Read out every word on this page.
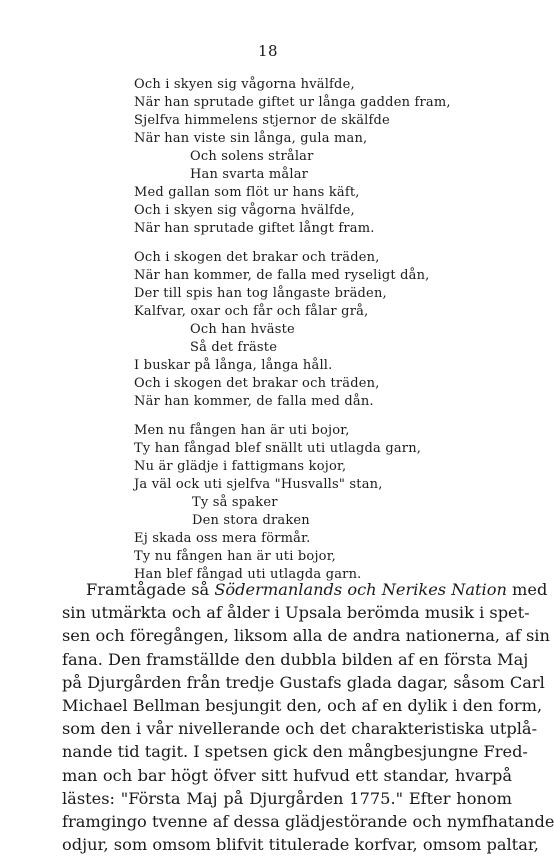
18
Och i skyen sig vågorna hvälfde,
När han sprutade giftet ur långa gadden fram,
Sjelfva himmelens stjernor de skälfde
När han viste sin långa, gula man,
Och solens strålar
Han svarta målar
Med gallan som flöt ur hans käft,
Och i skyen sig vågorna hvälfde,
När han sprutade giftet långt fram.
Och i skogen det brakar och träden,
När han kommer, de falla med ryseligt dån,
Der till spis han tog långaste bräden,
Kalfvar, oxar och får och fålar grå,
Och han hväste
Så det fräste
I buskar på långa, långa håll.
Och i skogen det brakar och träden,
När han kommer, de falla med dån.
Men nu fången han är uti bojor,
Ty han fångad blef snällt uti utlagda garn,
Nu är glädje i fattigmans kojor,
Ja väl ock uti sjelfva "Husvalls" stan,
Ty så spaker
Den stora draken
Ej skada oss mera förmår.
Ty nu fången han är uti bojor,
Han blef fångad uti utlagda garn.
Framtågade så Södermanlands och Nerikes Nation med
sin utmärkta och af ålder i Upsala berömda musik i spet-
sen och föregången, liksom alla de andra nationerna, af sin
fana. Den framställde den dubbla bilden af en första Maj
på Djurgården från tredje Gustafs glada dagar, såsom Carl
Michael Bellman besjungit den, och af en dylik i den form,
som den i vår nivellerande och det charakteristiska utplå-
nande tid tagit. I spetsen gick den mångbesjungne Fred-
man och bar högt öfver sitt hufvud ett standar, hvarpå
lästes: "Första Maj på Djurgården 1775." Efter honom
framgingo tvenne af dessa glädjestörande och nymfhatande
odjur, som omsom blifvit titulerade korfvar, omsom paltar,
